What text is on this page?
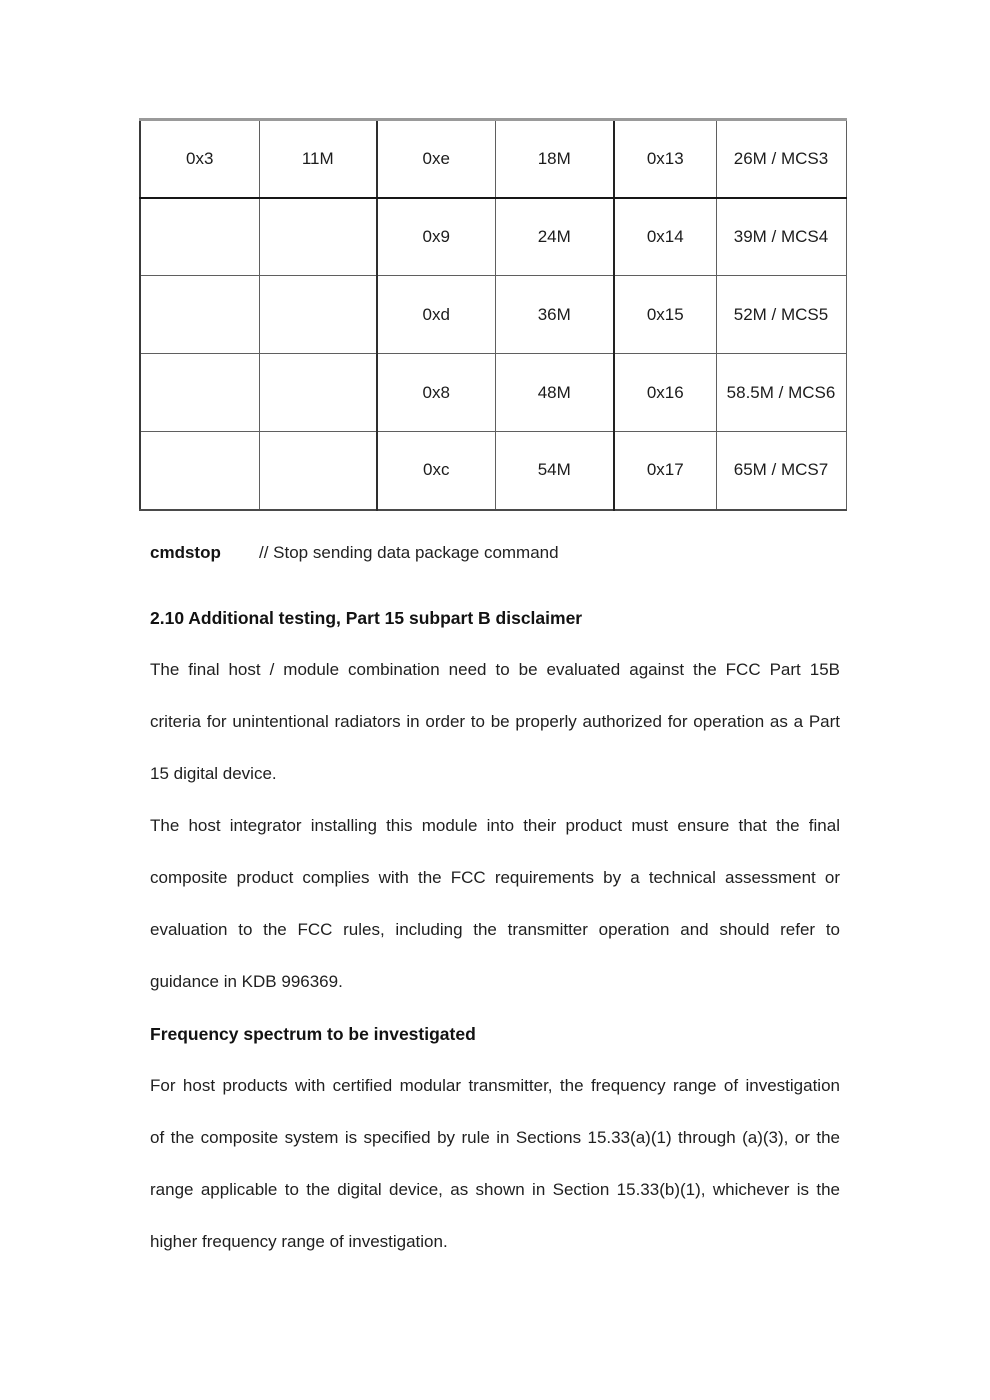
0x3	11M	0xe	18M	0x13	26M / MCS3
		0x9	24M	0x14	39M / MCS4
		0xd	36M	0x15	52M / MCS5
		0x8	48M	0x16	58.5M / MCS6
		0xc	54M	0x17	65M / MCS7
cmdstop // Stop sending data package command
2.10 Additional testing, Part 15 subpart B disclaimer

The final host / module combination need to be evaluated against the FCC Part 15B
criteria for unintentional radiators in order to be properly authorized for operation as a Part
15 digital device.

The host integrator installing this module into their product must ensure that the final
composite product complies with the FCC requirements by a technical assessment or
evaluation to the FCC rules, including the transmitter operation and should refer to
guidance in KDB 996369.

Frequency spectrum to be investigated

For host products with certified modular transmitter, the frequency range of investigation
of the composite system is specified by rule in Sections 15.33(a)(1) through (a)(3), or the
range applicable to the digital device, as shown in Section 15.33(b)(1), whichever is the
higher frequency range of investigation.
